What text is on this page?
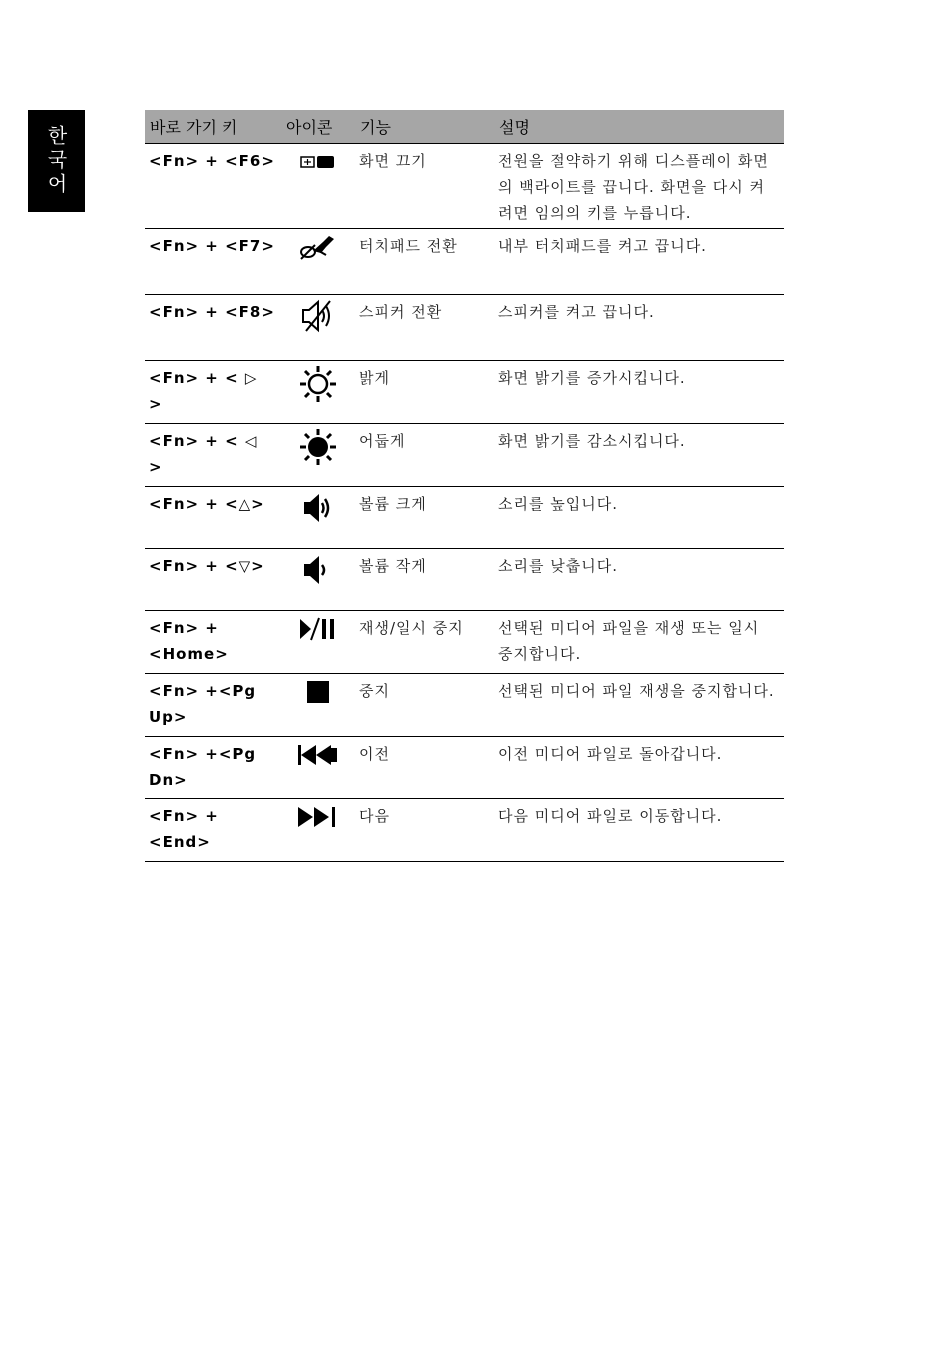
한국어	바로 가기 키	아이콘	기능	설명
<Fn> + <F6>		화면 끄기	전원을 절약하기 위해 디스플레이 화면의 백라이트를 끕니다. 화면을 다시 켜려면 임의의 키를 누릅니다.
<Fn> + <F7>		터치패드 전환	내부 터치패드를 켜고 끕니다.
<Fn> + <F8>		스피커 전환	스피커를 켜고 끕니다.
<Fn> + < ▷ >		밝게	화면 밝기를 증가시킵니다.
<Fn> + < ◁ >		어둡게	화면 밝기를 감소시킵니다.
<Fn> + <△>		볼륨 크게	소리를 높입니다.
<Fn> + <▽>		볼륨 작게	소리를 낮춥니다.
<Fn> + <Home>		재생/일시 중지	선택된 미디어 파일을 재생 또는 일시 중지합니다.
<Fn> +<Pg Up>		중지	선택된 미디어 파일 재생을 중지합니다.
<Fn> +<Pg Dn>		이전	이전 미디어 파일로 돌아갑니다.
<Fn> + <End>		다음	다음 미디어 파일로 이동합니다.
